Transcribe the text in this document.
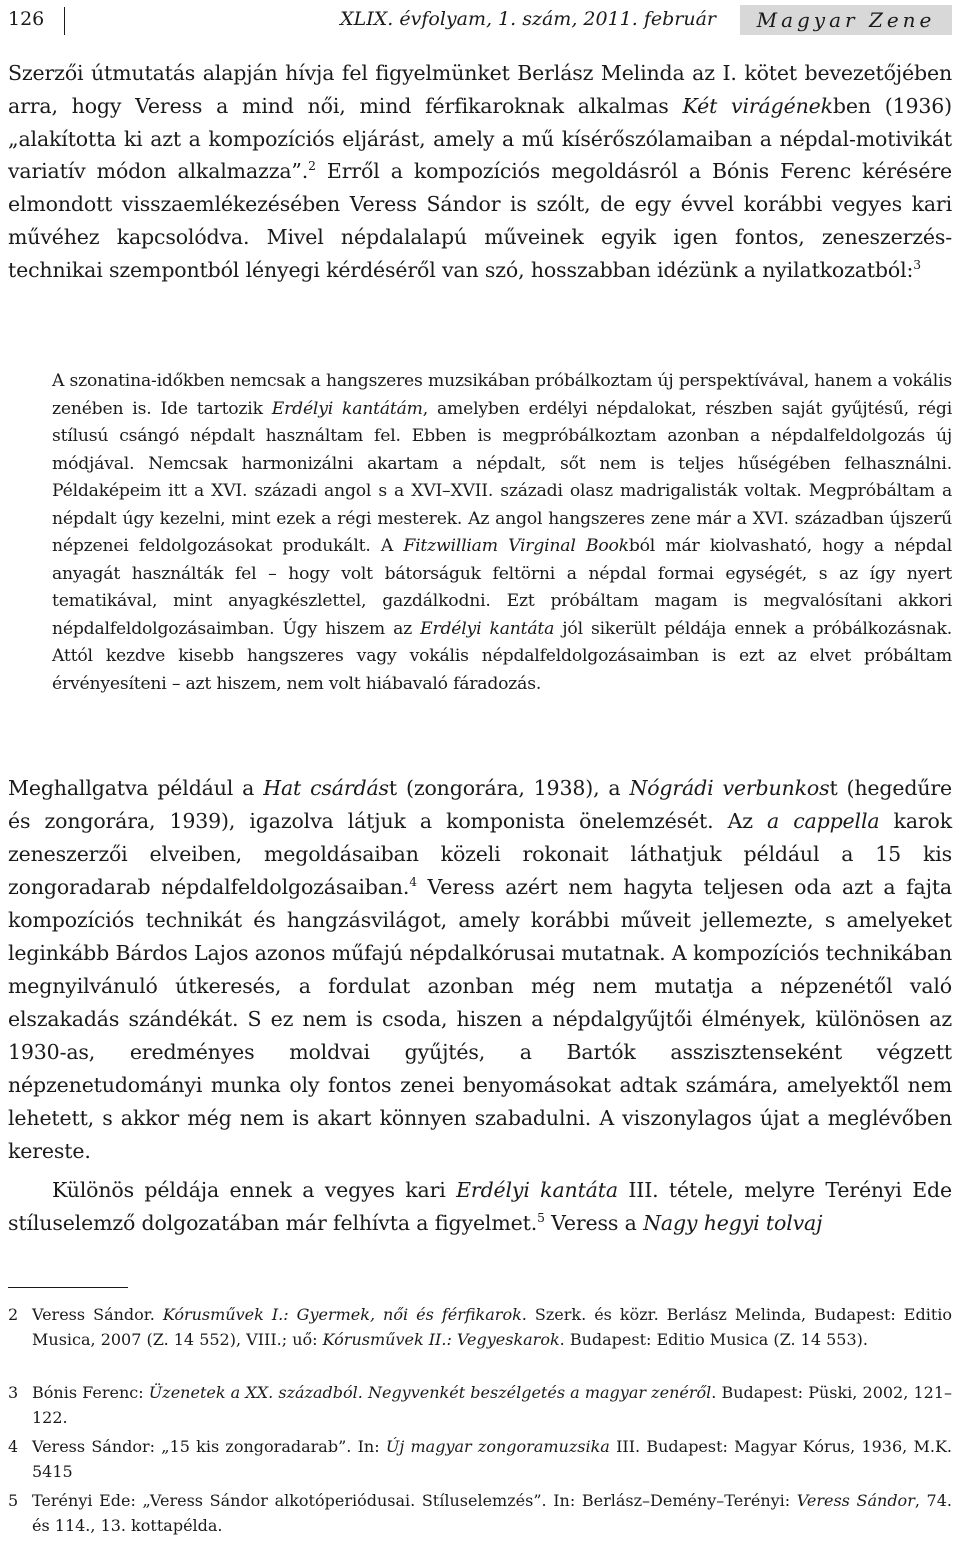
126	XLIX. évfolyam, 1. szám, 2011. február	Magyar Zene

Szerzői útmutatás alapján hívja fel figyelmünket Berlász Melinda az I. kötet bevezetőjében arra, hogy Veress a mind női, mind férfikaroknak alkalmas Két virágénekben (1936) „alakította ki azt a kompozíciós eljárást, amely a mű kísérőszólamaiban a népdal-motivikát variatív módon alkalmazza”.$^2$ Erről a kompozíciós megoldásról a Bónis Ferenc kérésére elmondott visszaemlékezésében Veress Sándor is szólt, de egy évvel korábbi vegyes kari művéhez kapcsolódva. Mivel népdalalapú műveinek egyik igen fontos, zeneszerzés-technikai szempontból lényegi kérdéséről van szó, hosszabban idézünk a nyilatkozatból:$^3$

A szonatina-időkben nemcsak a hangszeres muzsikában próbálkoztam új perspektívával, hanem a vokális zenében is. Ide tartozik Erdélyi kantátám, amelyben erdélyi népdalokat, részben saját gyűjtésű, régi stílusú csángó népdalt használtam fel. Ebben is megpróbálkoztam azonban a népdalfeldolgozás új módjával. Nemcsak harmonizálni akartam a népdalt, sőt nem is teljes hűségében felhasználni. Példaképeim itt a XVI. századi angol s a XVI–XVII. századi olasz madrigalisták voltak. Megpróbáltam a népdalt úgy kezelni, mint ezek a régi mesterek. Az angol hangszeres zene már a XVI. században újszerű népzenei feldolgozásokat produkált. A Fitzwilliam Virginal Bookból már kiolvasható, hogy a népdal anyagát használták fel – hogy volt bátorságuk feltörni a népdal formai egységét, s az így nyert tematikával, mint anyagkészlettel, gazdálkodni. Ezt próbáltam magam is megvalósítani akkori népdalfeldolgozásaimban. Úgy hiszem az Erdélyi kantáta jól sikerült példája ennek a próbálkozásnak. Attól kezdve kisebb hangszeres vagy vokális népdalfeldolgozásaimban is ezt az elvet próbáltam érvényesíteni – azt hiszem, nem volt hiábavaló fáradozás.

Meghallgatva például a Hat csárdást (zongorára, 1938), a Nógrádi verbunkost (hegedűre és zongorára, 1939), igazolva látjuk a komponista önelemzését. Az a cappella karok zeneszerzői elveiben, megoldásaiban közeli rokonait láthatjuk például a 15 kis zongoradarab népdalfeldolgozásaiban.$^4$ Veress azért nem hagyta teljesen oda azt a fajta kompozíciós technikát és hangzásvilágot, amely korábbi műveit jellemezte, s amelyeket leginkább Bárdos Lajos azonos műfajú népdalkórusai mutatnak. A kompozíciós technikában megnyilvánuló útkeresés, a fordulat azonban még nem mutatja a népzenétől való elszakadás szándékát. S ez nem is csoda, hiszen a népdalgyűjtői élmények, különösen az 1930-as, eredményes moldvai gyűjtés, a Bartók asszisztenseként végzett népzenetudományi munka oly fontos zenei benyomásokat adtak számára, amelyektől nem lehetett, s akkor még nem is akart könnyen szabadulni. A viszonylagos újat a meglévőben kereste.

Különös példája ennek a vegyes kari Erdélyi kantáta III. tétele, melyre Terényi Ede stíluselemző dolgozatában már felhívta a figyelmet.$^5$ Veress a Nagy hegyi tolvaj

2 Veress Sándor. Kórusművek I.: Gyermek, női és férfikarok. Szerk. és közr. Berlász Melinda, Budapest: Editio Musica, 2007 (Z. 14 552), VIII.; uő: Kórusművek II.: Vegyeskarok. Budapest: Editio Musica (Z. 14 553).
3 Bónis Ferenc: Üzenetek a XX. századból. Negyvenkét beszélgetés a magyar zenéről. Budapest: Püski, 2002, 121–122.
4 Veress Sándor: „15 kis zongoradarab”. In: Új magyar zongoramuzsika III. Budapest: Magyar Kórus, 1936, M.K. 5415
5 Terényi Ede: „Veress Sándor alkotóperiódusai. Stíluselemzés”. In: Berlász–Demény–Terényi: Veress Sándor, 74. és 114., 13. kottapélda.
